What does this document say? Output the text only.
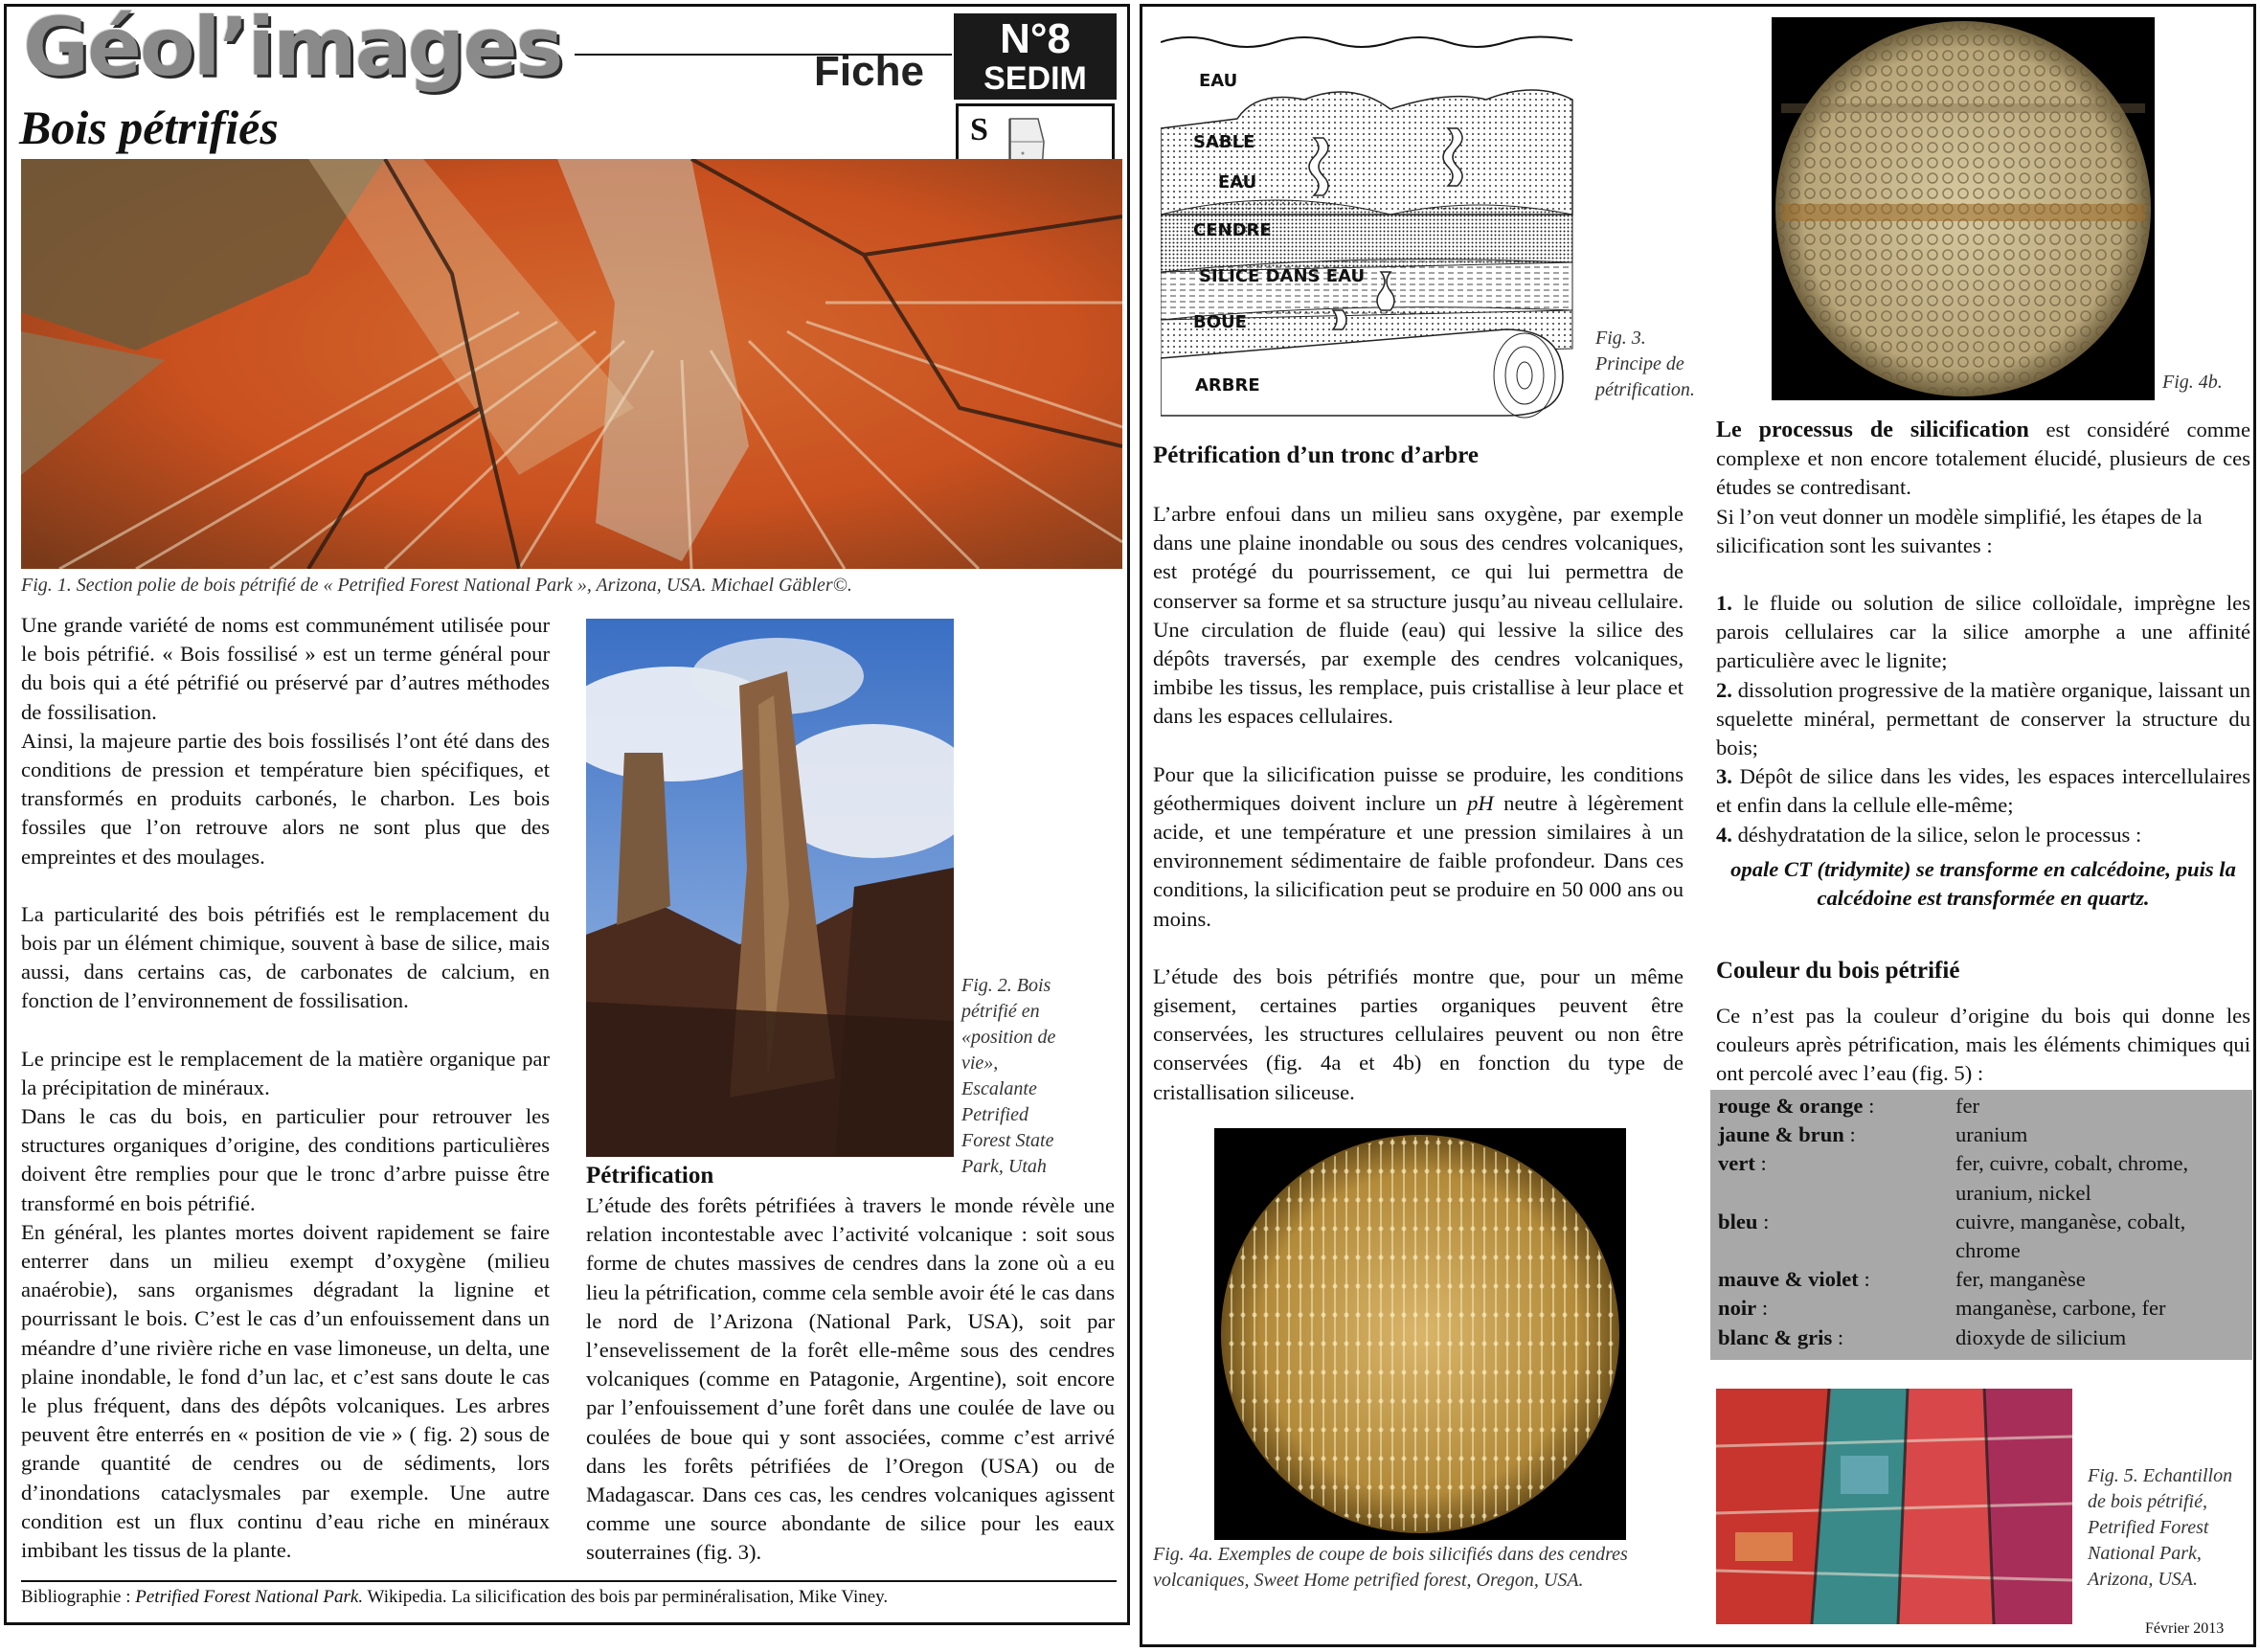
Géol’images	Fiche
N°8
SEDIM
S
Bois pétrifiés
Fig. 1. Section polie de bois pétrifié de « Petrified Forest National Park », Arizona, USA. Michael Gäbler©.

Une grande variété de noms est communément utilisée pour le bois pétrifié. « Bois fossilisé » est un terme général pour du bois qui a été pétrifié ou préservé par d’autres méthodes de fossilisation.

Ainsi, la majeure partie des bois fossilisés l’ont été dans des conditions de pression et température bien spécifiques, et transformés en produits carbonés, le charbon. Les bois fossiles que l’on retrouve alors ne sont plus que des empreintes et des moulages.

La particularité des bois pétrifiés est le remplacement du bois par un élément chimique, souvent à base de silice, mais aussi, dans certains cas, de carbonates de calcium, en fonction de l’environnement de fossilisation.

Le principe est le remplacement de la matière organique par la précipitation de minéraux.

Dans le cas du bois, en particulier pour retrouver les structures organiques d’origine, des conditions particulières doivent être remplies pour que le tronc d’arbre puisse être transformé en bois pétrifié.

En général, les plantes mortes doivent rapidement se faire enterrer dans un milieu exempt d’oxygène (milieu anaérobie), sans organismes dégradant la lignine et pourrissant le bois. C’est le cas d’un enfouissement dans un méandre d’une rivière riche en vase limoneuse, un delta, une plaine inondable, le fond d’un lac, et c’est sans doute le cas le plus fréquent, dans des dépôts volcaniques. Les arbres peuvent être enterrés en « position de vie » ( fig. 2) sous de grande quantité de cendres ou de sédiments, lors d’inondations cataclysmales par exemple. Une autre condition est un flux continu d’eau riche en minéraux imbibant les tissus de la plante.

Fig. 2. Bois pétrifié en «position de vie», Escalante Petrified Forest State Park, Utah
Pétrification
L’étude des forêts pétrifiées à travers le monde révèle une relation incontestable avec l’activité volcanique : soit sous forme de chutes massives de cendres dans la zone où a eu lieu la pétrification, comme cela semble avoir été le cas dans le nord de l’Arizona (National Park, USA), soit par l’ensevelissement de la forêt elle-même sous des cendres volcaniques (comme en Patagonie, Argentine), soit encore par l’enfouissement d’une forêt dans une coulée de lave ou coulées de boue qui y sont associées, comme c’est arrivé dans les forêts pétrifiées de l’Oregon (USA) ou de Madagascar. Dans ces cas, les cendres volcaniques agissent comme une source abondante de silice pour les eaux souterraines (fig. 3).
Bibliographie : Petrified Forest National Park. Wikipedia. La silicification des bois par perminéralisation, Mike Viney.
EAU
SABLE
EAU
CENDRE
SILICE DANS EAU
BOUE
ARBRE
Fig. 3. Principe de pétrification.
Pétrification d’un tronc d’arbre

L’arbre enfoui dans un milieu sans oxygène, par exemple dans une plaine inondable ou sous des cendres volcaniques, est protégé du pourrissement, ce qui lui permettra de conserver sa forme et sa structure jusqu’au niveau cellulaire. Une circulation de fluide (eau) qui lessive la silice des dépôts traversés, par exemple des cendres volcaniques, imbibe les tissus, les remplace, puis cristallise à leur place et dans les espaces cellulaires.

Pour que la silicification puisse se produire, les conditions géothermiques doivent inclure un pH neutre à légèrement acide, et une température et une pression similaires à un environnement sédimentaire de faible profondeur. Dans ces conditions, la silicification peut se produire en 50 000 ans ou moins.

L’étude des bois pétrifiés montre que, pour un même gisement, certaines parties organiques peuvent être conservées, les structures cellulaires peuvent ou non être conservées (fig. 4a et 4b) en fonction du type de cristallisation siliceuse.

Fig. 4a. Exemples de coupe de bois silicifiés dans des cendres volcaniques, Sweet Home petrified forest, Oregon, USA.
Fig. 4b.

Le processus de silicification est considéré comme complexe et non encore totalement élucidé, plusieurs de ces études se contredisant.

Si l’on veut donner un modèle simplifié, les étapes de la silicification sont les suivantes :

1. le fluide ou solution de silice colloïdale, imprègne les parois cellulaires car la silice amorphe a une affinité particulière avec le lignite;

2. dissolution progressive de la matière organique, laissant un squelette minéral, permettant de conserver la structure du bois;

3. Dépôt de silice dans les vides, les espaces intercellulaires et enfin dans la cellule elle-même;

4. déshydratation de la silice, selon le processus :

opale CT (tridymite) se transforme en calcédoine, puis la calcédoine est transformée en quartz.

Couleur du bois pétrifié
Ce n’est pas la couleur d’origine du bois qui donne les couleurs après pétrification, mais les éléments chimiques qui ont percolé avec l’eau (fig. 5) :
rouge & orange :	fer
jaune & brun :	uranium
vert :	fer, cuivre, cobalt, chrome, uranium, nickel
bleu :	cuivre, manganèse, cobalt, chrome
mauve & violet :	fer, manganèse
noir :	manganèse, carbone, fer
blanc & gris :	dioxyde de silicium
Fig. 5. Echantillon de bois pétrifié, Petrified Forest National Park, Arizona, USA.
Février 2013
